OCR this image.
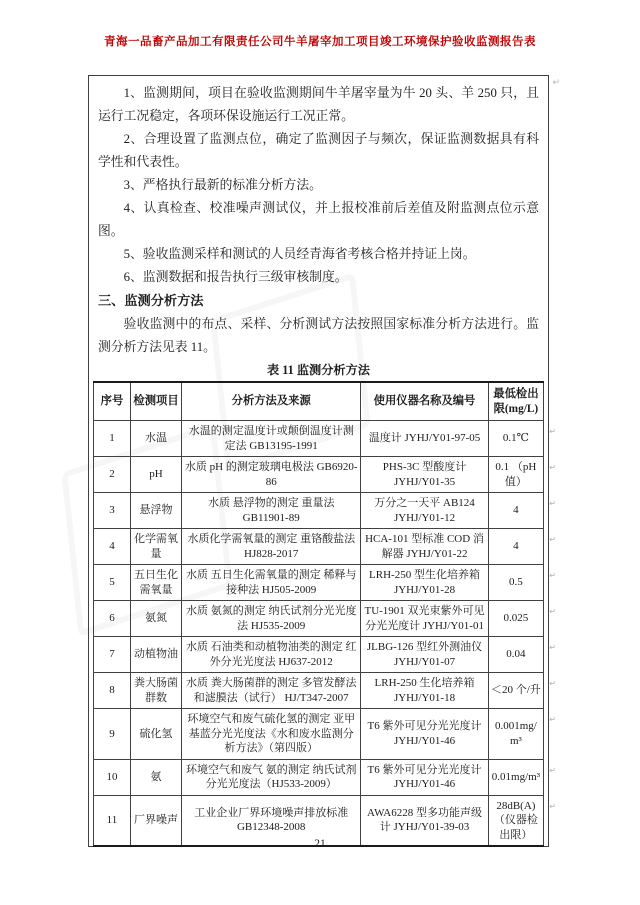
青海一品畜产品加工有限责任公司牛羊屠宰加工项目竣工环境保护验收监测报告表
↵

1、监测期间，项目在验收监测期间牛羊屠宰量为牛 20 头、羊 250 只，且运行工况稳定，各项环保设施运行工况正常。

2、合理设置了监测点位，确定了监测因子与频次，保证监测数据具有科学性和代表性。

3、严格执行最新的标准分析方法。

4、认真检查、校准噪声测试仪，并上报校准前后差值及附监测点位示意图。

5、验收监测采样和测试的人员经青海省考核合格并持证上岗。

6、监测数据和报告执行三级审核制度。

三、监测分析方法

验收监测中的布点、采样、分析测试方法按照国家标准分析方法进行。监测分析方法见表 11。

表 11 监测分析方法
序号	检测项目	分析方法及来源	使用仪器名称及编号	最低检出限(mg/L)
1	水温	水温的测定温度计或颠倒温度计测定法 GB13195-1991	温度计 JYHJ/Y01-97-05	0.1℃
↵

2	pH	水质 pH 的测定玻璃电极法 GB6920-86	PHS-3C 型酸度计 JYHJ/Y01-35	0.1 （pH 值）
↵

3	悬浮物	水质 悬浮物的测定 重量法 GB11901-89	万分之一天平 AB124 JYHJ/Y01-12	4
↵

4	化学需氧量	水质化学需氧量的测定 重铬酸盐法 HJ828-2017	HCA-101 型标准 COD 消解器 JYHJ/Y01-22	4
↵

5	五日生化需氧量	水质 五日生化需氧量的测定 稀释与接种法 HJ505-2009	LRH-250 型生化培养箱 JYHJ/Y01-28	0.5
↵

6	氨氮	水质 氨氮的测定 纳氏试剂分光光度法 HJ535-2009	TU-1901 双光束紫外可见分光光度计 JYHJ/Y01-01	0.025
↵

7	动植物油	水质 石油类和动植物油类的测定 红外分光光度法 HJ637-2012	JLBG-126 型红外测油仪 JYHJ/Y01-07	0.04
↵

8	粪大肠菌群数	水质 粪大肠菌群的测定 多管发酵法和滤膜法（试行） HJ/T347-2007	LRH-250 生化培养箱 JYHJ/Y01-18	＜20 个/升
↵

9	硫化氢	环境空气和废气硫化氢的测定 亚甲基蓝分光光度法《水和废水监测分析方法》（第四版）	T6 紫外可见分光光度计 JYHJ/Y01-46	0.001mg/m³
↵

10	氨	环境空气和废气 氨的测定 纳氏试剂分光光度法（HJ533-2009）	T6 紫外可见分光光度计 JYHJ/Y01-46	0.01mg/m³
↵

11	厂界噪声	工业企业厂界环境噪声排放标准 GB12348-2008	AWA6228 型多功能声级计 JYHJ/Y01-39-03	28dB(A) （仪器检出限）
↵
21
